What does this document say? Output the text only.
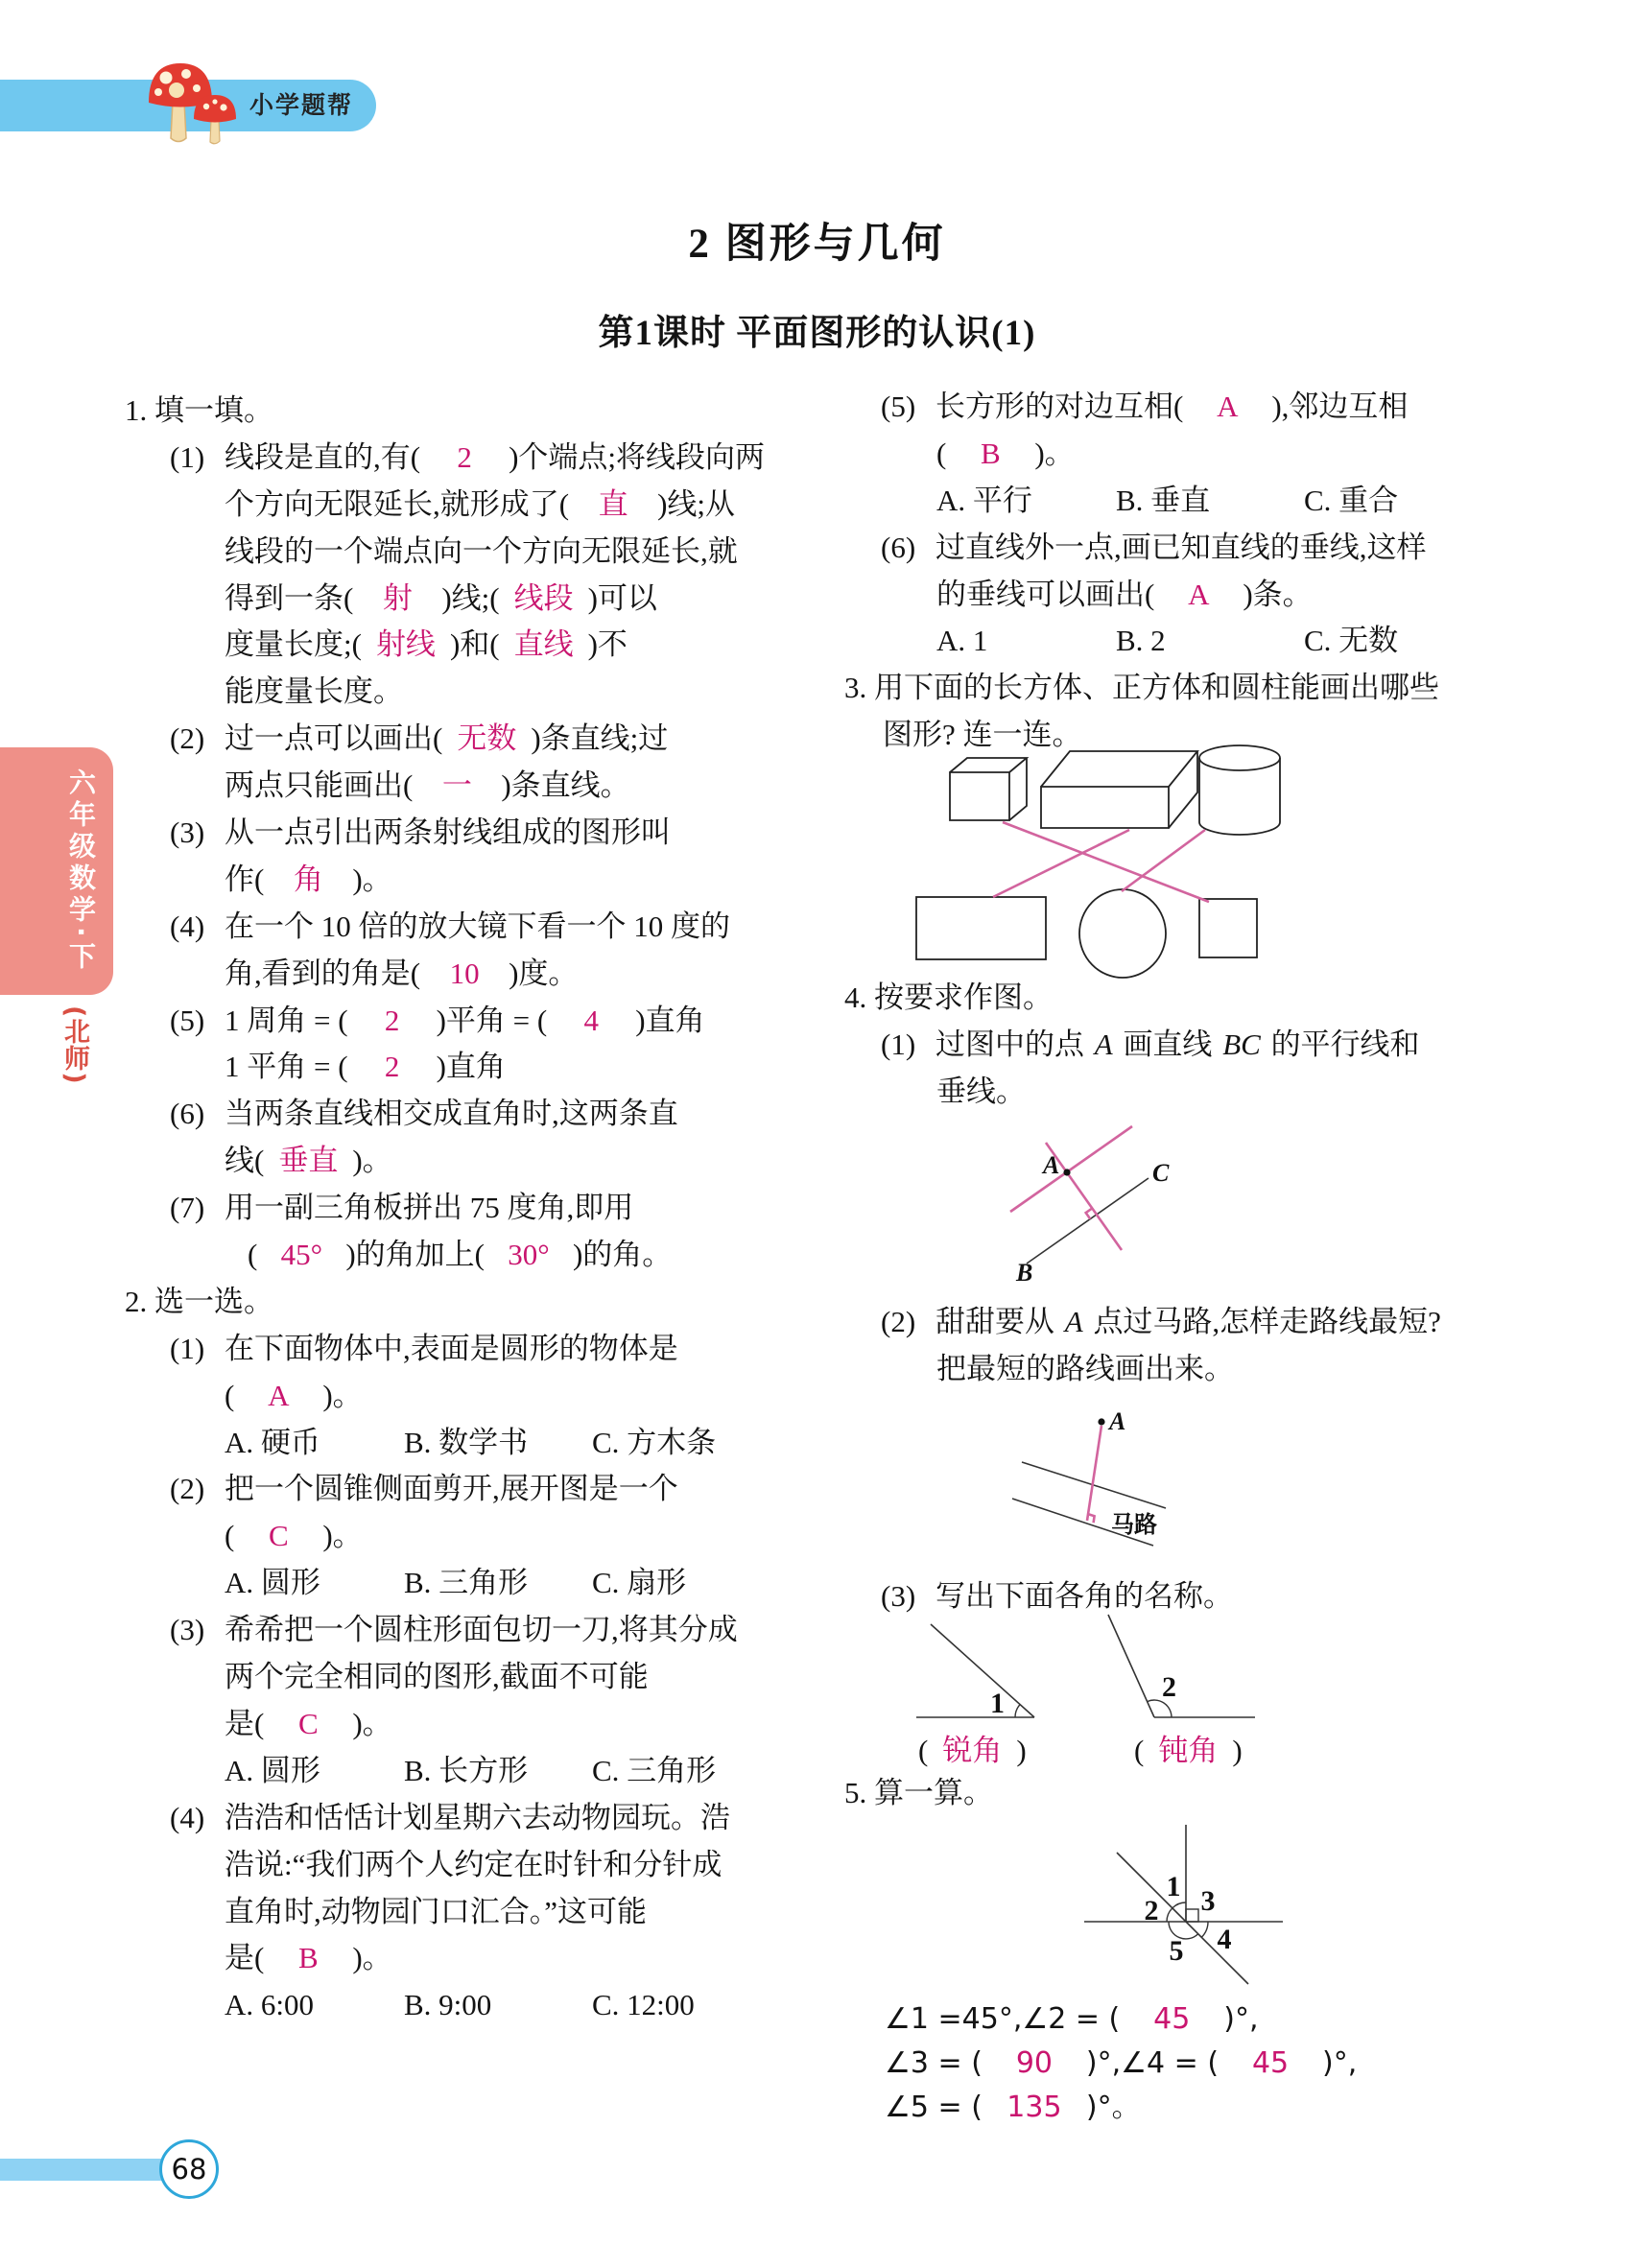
小学题帮
2 图形与几何
第1课时 平面图形的认识(1)
六年级数学·下
(北师)
1. 填一填。
(1) 线段是直的,有( 2 )个端点;将线段向两
个方向无限延长,就形成了( 直 )线;从
线段的一个端点向一个方向无限延长,就
得到一条( 射 )线;( 线段 )可以
度量长度;( 射线 )和( 直线 )不
能度量长度。
(2) 过一点可以画出( 无数 )条直线;过
两点只能画出( 一 )条直线。
(3) 从一点引出两条射线组成的图形叫
作( 角 )。
(4) 在一个 10 倍的放大镜下看一个 10 度的
角,看到的角是( 10 )度。
(5) 1 周角 = ( 2 )平角 = ( 4 )直角
1 平角 = ( 2 )直角
(6) 当两条直线相交成直角时,这两条直
线( 垂直 )。
(7) 用一副三角板拼出 75 度角,即用
( 45° )的角加上( 30° )的角。
2. 选一选。
(1) 在下面物体中,表面是圆形的物体是
( A )。
A. 硬币	B. 数学书 C. 方木条
(2) 把一个圆锥侧面剪开,展开图是一个
( C )。
A. 圆形	B. 三角形 C. 扇形
(3) 希希把一个圆柱形面包切一刀,将其分成
两个完全相同的图形,截面不可能
是( C )。
A. 圆形	B. 长方形 C. 三角形
(4) 浩浩和恬恬计划星期六去动物园玩。浩
浩说:“我们两个人约定在时针和分针成
直角时,动物园门口汇合。”这可能
是( B )。
A. 6:00	B. 9:00	C. 12:00
(5) 长方形的对边互相( A ),邻边互相
( B )。
A. 平行	B. 垂直	C. 重合
(6) 过直线外一点,画已知直线的垂线,这样
的垂线可以画出( A )条。
A. 1	B. 2	C. 无数
3. 用下面的长方体、正方体和圆柱能画出哪些
图形? 连一连。
4. 按要求作图。
(1) 过图中的点 A 画直线 BC 的平行线和
垂线。
A
B
C
(2) 甜甜要从 A 点过马路,怎样走路线最短?
把最短的路线画出来。
A
马路
(3) 写出下面各角的名称。
1
2
( 锐角 )	( 钝角 )
5. 算一算。
1
2 3
4
5
∠1 =45°,∠2 = ( 45 )°,
∠3 = ( 90 )°,∠4 = ( 45 )°,
∠5 = ( 135 )°。
68
